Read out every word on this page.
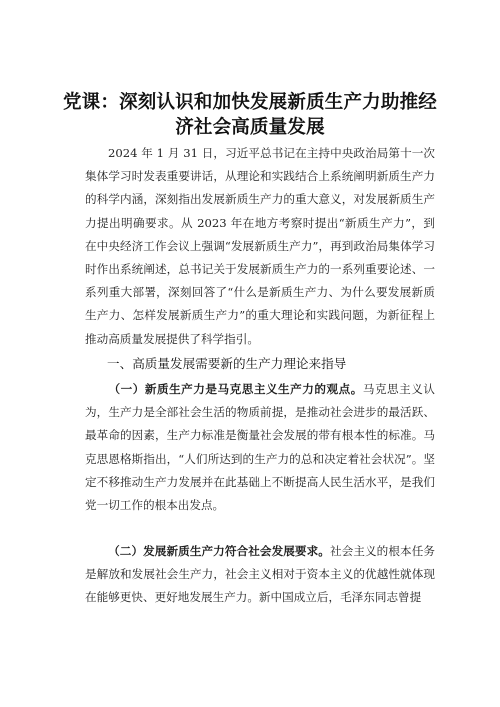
党课：深刻认识和加快发展新质生产力助推经
济社会高质量发展

2024 年 1 月 31 日，习近平总书记在主持中央政治局第十一次集体学习时发表重要讲话，从理论和实践结合上系统阐明新质生产力的科学内涵，深刻指出发展新质生产力的重大意义，对发展新质生产力提出明确要求。从 2023 年在地方考察时提出“新质生产力”，到在中央经济工作会议上强调“发展新质生产力”，再到政治局集体学习时作出系统阐述，总书记关于发展新质生产力的一系列重要论述、一系列重大部署，深刻回答了“什么是新质生产力、为什么要发展新质生产力、怎样发展新质生产力”的重大理论和实践问题，为新征程上推动高质量发展提供了科学指引。

一、高质量发展需要新的生产力理论来指导

（一）新质生产力是马克思主义生产力的观点。马克思主义认为，生产力是全部社会生活的物质前提，是推动社会进步的最活跃、最革命的因素，生产力标准是衡量社会发展的带有根本性的标准。马克思恩格斯指出，“人们所达到的生产力的总和决定着社会状况”。坚定不移推动生产力发展并在此基础上不断提高人民生活水平，是我们党一切工作的根本出发点。

（二）发展新质生产力符合社会发展要求。社会主义的根本任务是解放和发展社会生产力，社会主义相对于资本主义的优越性就体现在能够更快、更好地发展生产力。新中国成立后，毛泽东同志曾提
